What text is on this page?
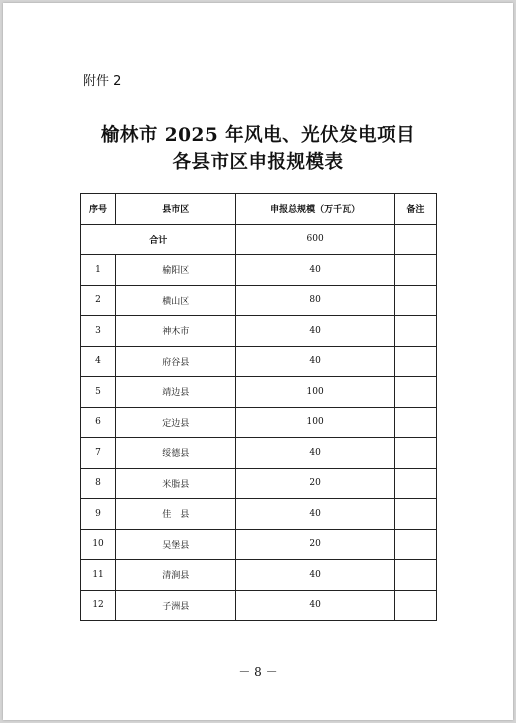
附件 2
榆林市 2025 年风电、光伏发电项目
各县市区申报规模表
序号	县市区	申报总规模（万千瓦）	备注
合计		600	
1	榆阳区	40	
2	横山区	80	
3	神木市	40	
4	府谷县	40	
5	靖边县	100	
6	定边县	100	
7	绥德县	40	
8	米脂县	20	
9	佳　县	40	
10	吴堡县	20	
11	清涧县	40	
12	子洲县	40	
－ 8 －
